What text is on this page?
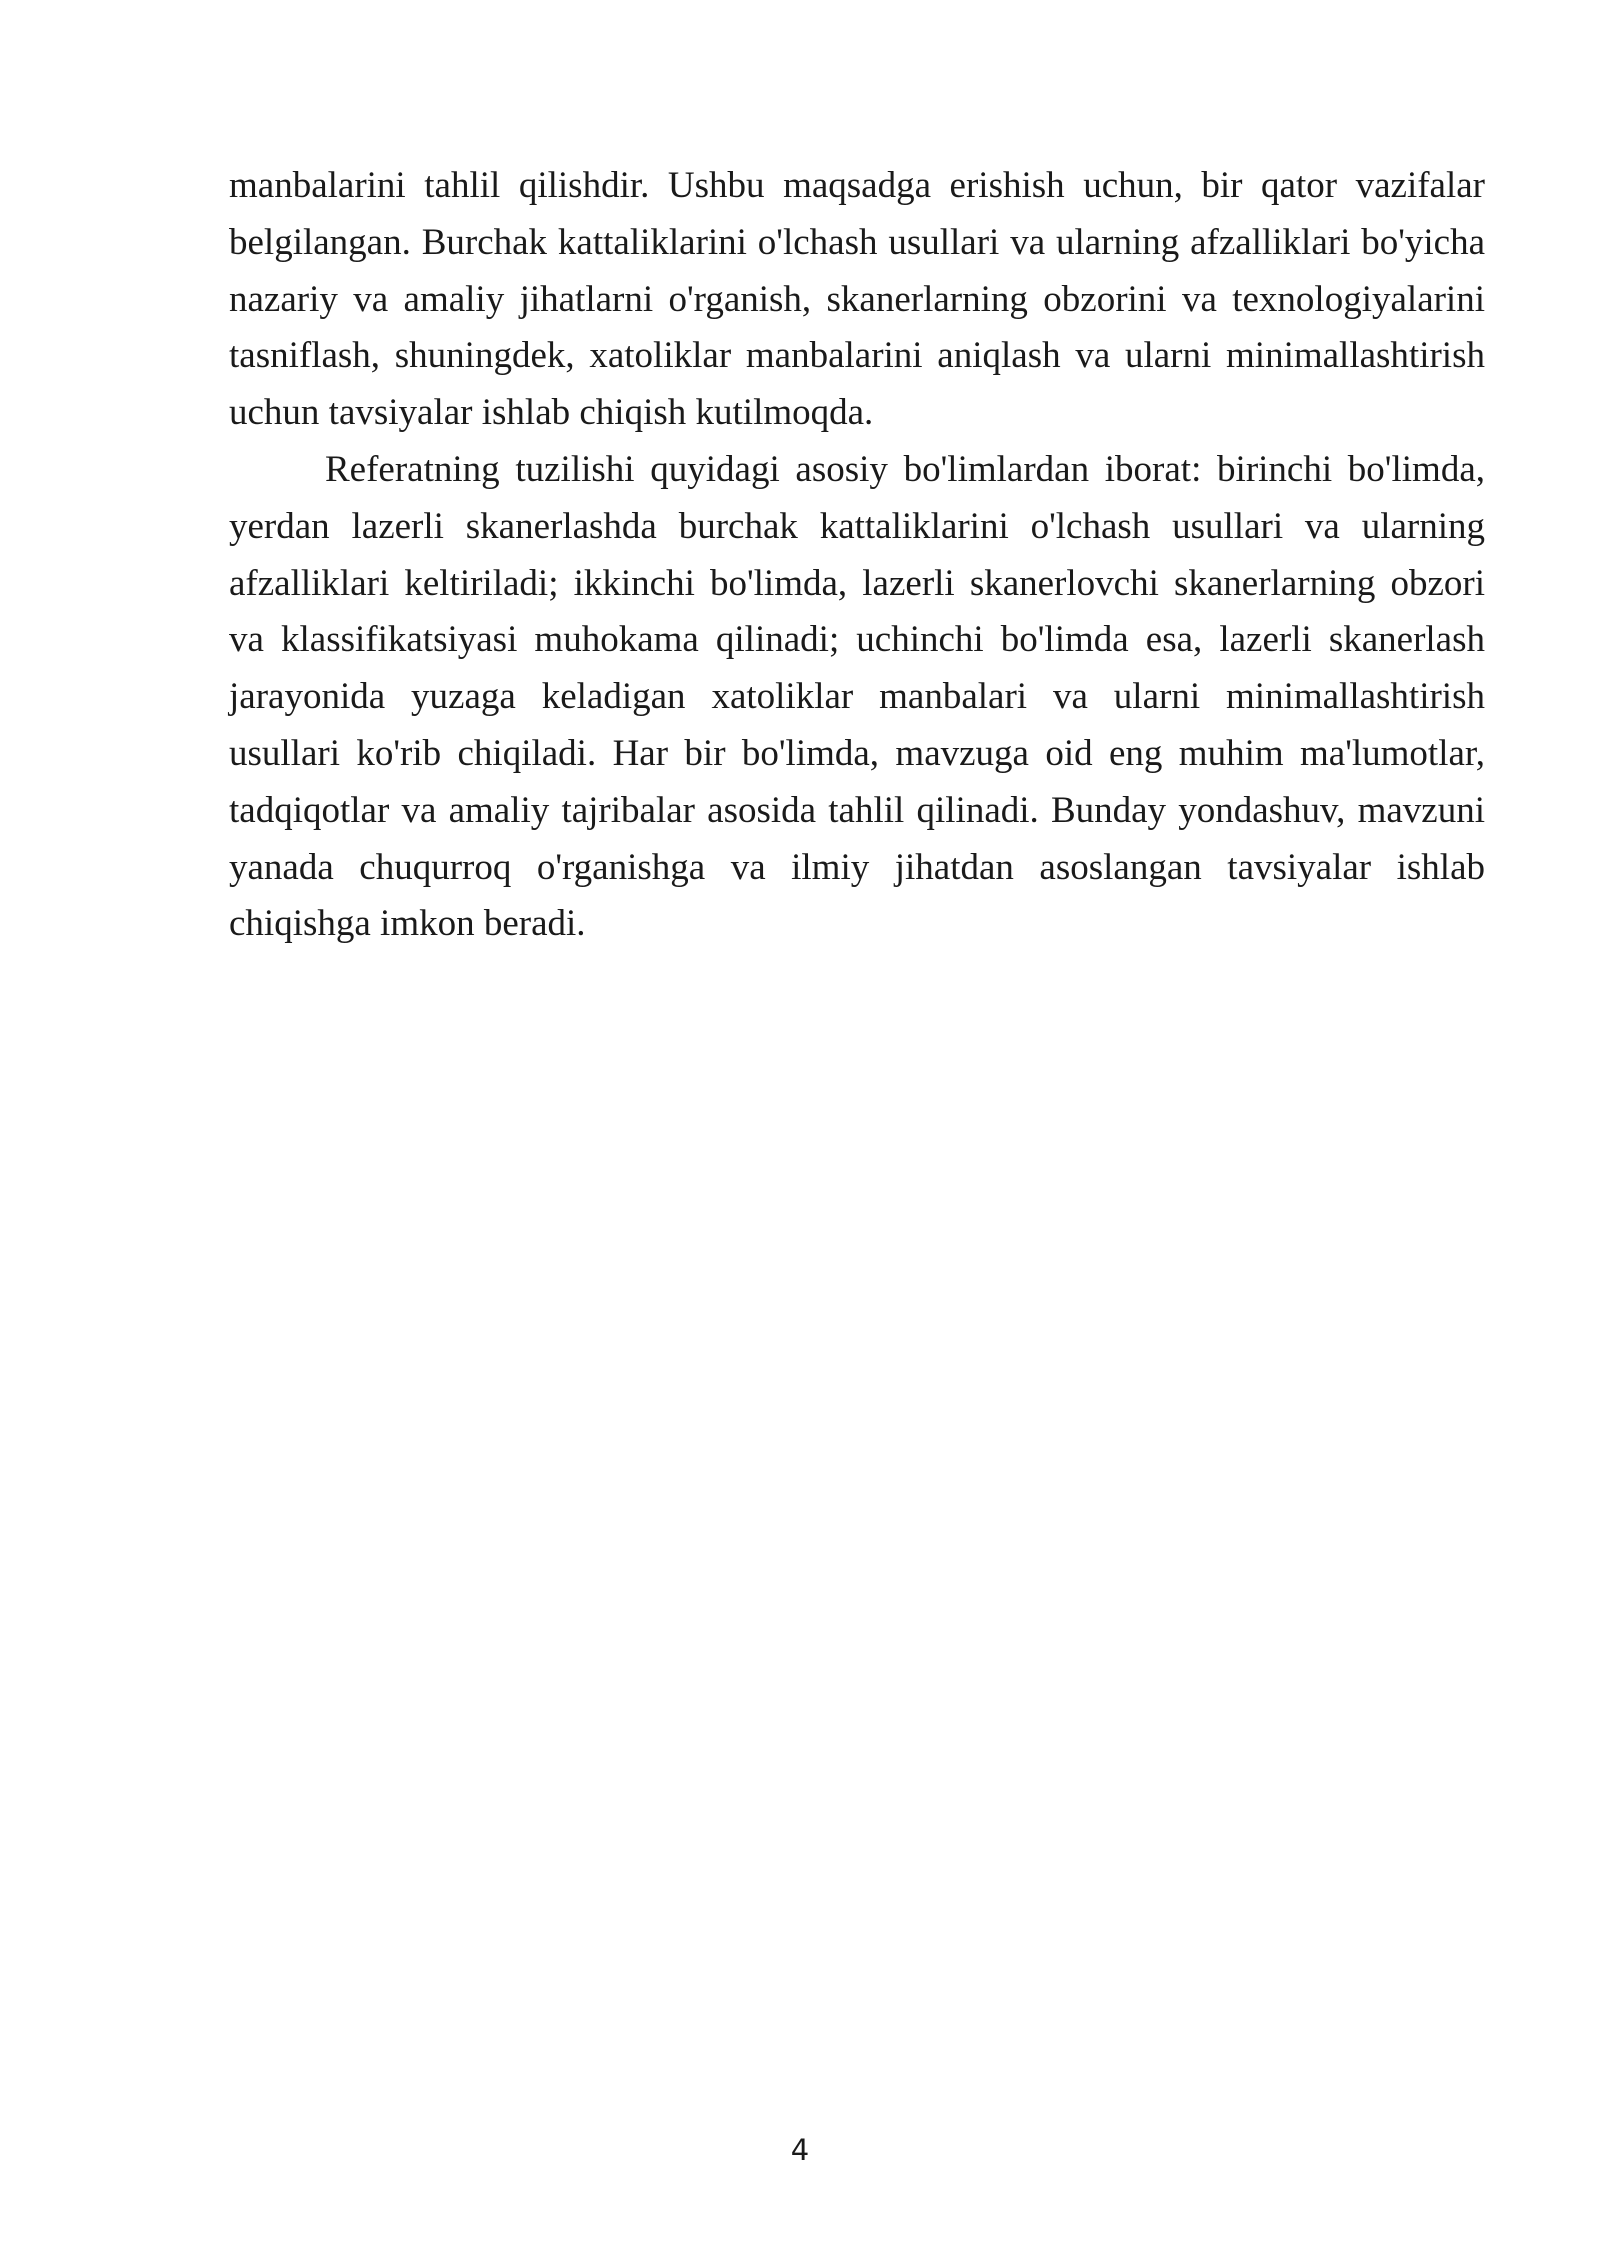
manbalarini tahlil qilishdir. Ushbu maqsadga erishish uchun, bir qator vazifalar belgilangan. Burchak kattaliklarini o'lchash usullari va ularning afzalliklari bo'yicha nazariy va amaliy jihatlarni o'rganish, skanerlarning obzorini va texnologiyalarini tasniflash, shuningdek, xatoliklar manbalarini aniqlash va ularni minimallashtirish uchun tavsiyalar ishlab chiqish kutilmoqda.

Referatning tuzilishi quyidagi asosiy bo'limlardan iborat: birinchi bo'limda, yerdan lazerli skanerlashda burchak kattaliklarini o'lchash usullari va ularning afzalliklari keltiriladi; ikkinchi bo'limda, lazerli skanerlovchi skanerlarning obzori va klassifikatsiyasi muhokama qilinadi; uchinchi bo'limda esa, lazerli skanerlash jarayonida yuzaga keladigan xatoliklar manbalari va ularni minimallashtirish usullari ko'rib chiqiladi. Har bir bo'limda, mavzuga oid eng muhim ma'lumotlar, tadqiqotlar va amaliy tajribalar asosida tahlil qilinadi. Bunday yondashuv, mavzuni yanada chuqurroq o'rganishga va ilmiy jihatdan asoslangan tavsiyalar ishlab chiqishga imkon beradi.

4
